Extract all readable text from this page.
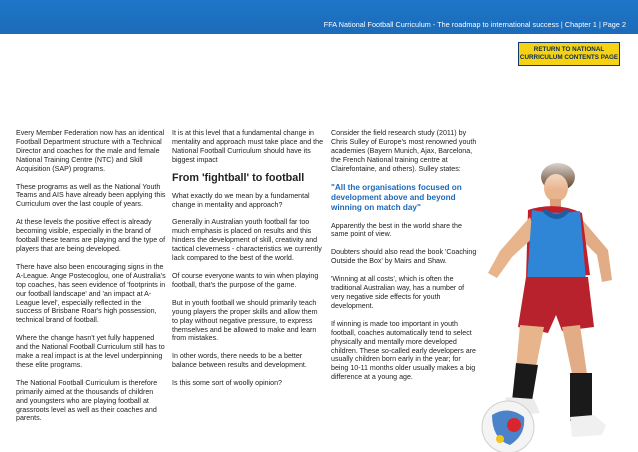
FFA National Football Curriculum - The roadmap to international success | Chapter 1 | Page 2
RETURN TO NATIONAL
CURRICULUM CONTENTS PAGE

Every Member Federation now has an identical Football Department structure with a Technical Director and coaches for the male and female National Training Centre (NTC) and Skill Acquisition (SAP) programs.

These programs as well as the National Youth Teams and AIS have already been applying this Curriculum over the last couple of years.

At these levels the positive effect is already becoming visible, especially in the brand of football these teams are playing and the type of players that are being developed.

There have also been encouraging signs in the A-League. Ange Postecoglou, one of Australia's top coaches, has seen evidence of 'footprints in our football landscape' and 'an impact at A-League level', especially reflected in the success of Brisbane Roar's high possession, technical brand of football.

Where the change hasn't yet fully happened and the National Football Curriculum still has to make a real impact is at the level underpinning these elite programs.

The National Football Curriculum is therefore primarily aimed at the thousands of children and youngsters who are playing football at grassroots level as well as their coaches and parents.

It is at this level that a fundamental change in mentality and approach must take place and the National Football Curriculum should have its biggest impact

From 'fightball' to football

What exactly do we mean by a fundamental change in mentality and approach?

Generally in Australian youth football far too much emphasis is placed on results and this hinders the development of skill, creativity and tactical cleverness - characteristics we currently lack compared to the best of the world.

Of course everyone wants to win when playing football, that's the purpose of the game.

But in youth football we should primarily teach young players the proper skills and allow them to play without negative pressure, to express themselves and be allowed to make and learn from mistakes.

In other words, there needs to be a better balance between results and development.

Is this some sort of woolly opinion?

Consider the field research study (2011) by Chris Sulley of Europe's most renowned youth academies (Bayern Munich, Ajax, Barcelona, the French National training centre at Clairefontaine, and others). Sulley states:

"All the organisations focused on development above and beyond winning on match day"

Apparently the best in the world share the same point of view.

Doubters should also read the book 'Coaching Outside the Box' by Mairs and Shaw.

'Winning at all costs', which is often the traditional Australian way, has a number of very negative side effects for youth development.

If winning is made too important in youth football, coaches automatically tend to select physically and mentally more developed children. These so-called early developers are usually children born early in the year; for being 10-11 months older usually makes a big difference at a young age.
